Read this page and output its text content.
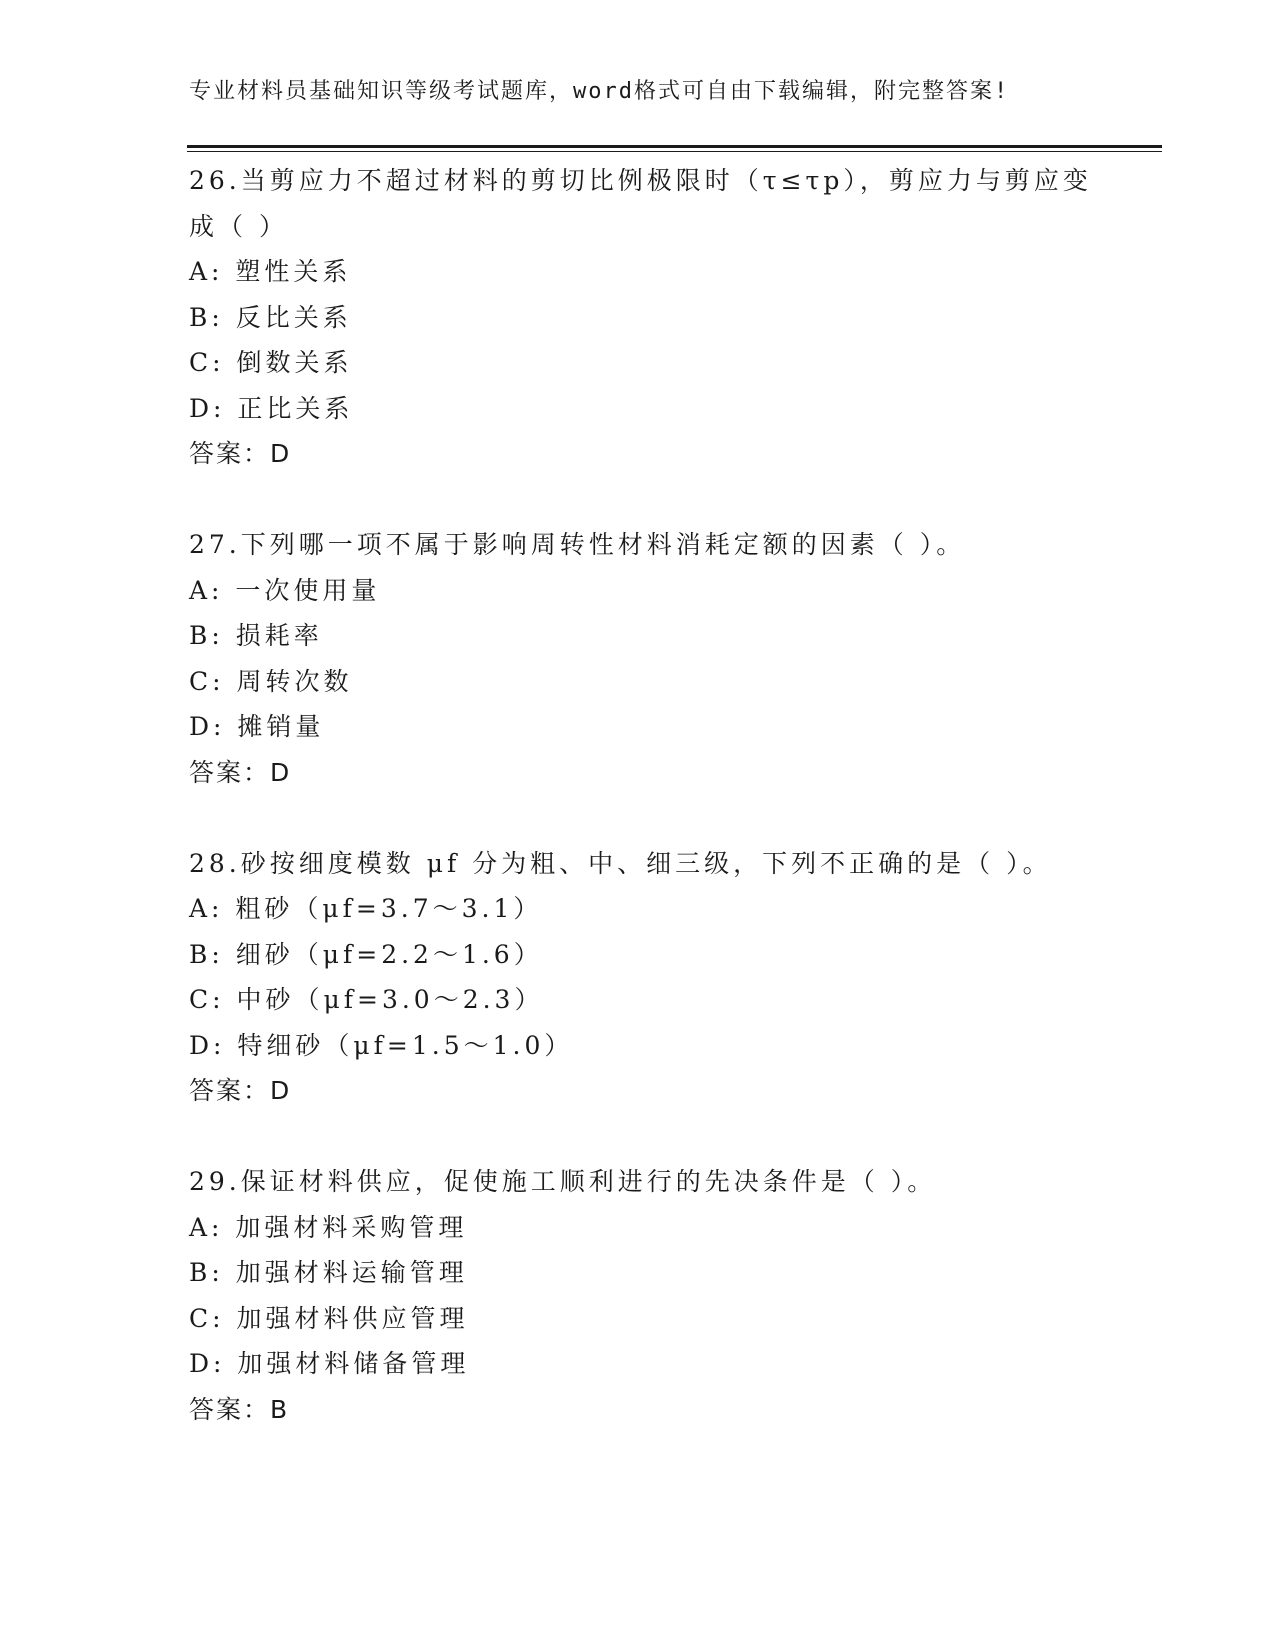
专业材料员基础知识等级考试题库，word格式可自由下载编辑，附完整答案!
26.当剪应力不超过材料的剪切比例极限时（τ≤τp），剪应力与剪应变成（ ）
A: 塑性关系
B: 反比关系
C: 倒数关系
D: 正比关系
答案：D
27.下列哪一项不属于影响周转性材料消耗定额的因素（ ）。
A: 一次使用量
B: 损耗率
C: 周转次数
D: 摊销量
答案：D
28.砂按细度模数 μf 分为粗、中、细三级，下列不正确的是（ ）。
A: 粗砂（μf=3.7～3.1）
B: 细砂（μf=2.2～1.6）
C: 中砂（μf=3.0～2.3）
D: 特细砂（μf=1.5～1.0）
答案：D
29.保证材料供应，促使施工顺利进行的先决条件是（ ）。
A: 加强材料采购管理
B: 加强材料运输管理
C: 加强材料供应管理
D: 加强材料储备管理
答案：B
